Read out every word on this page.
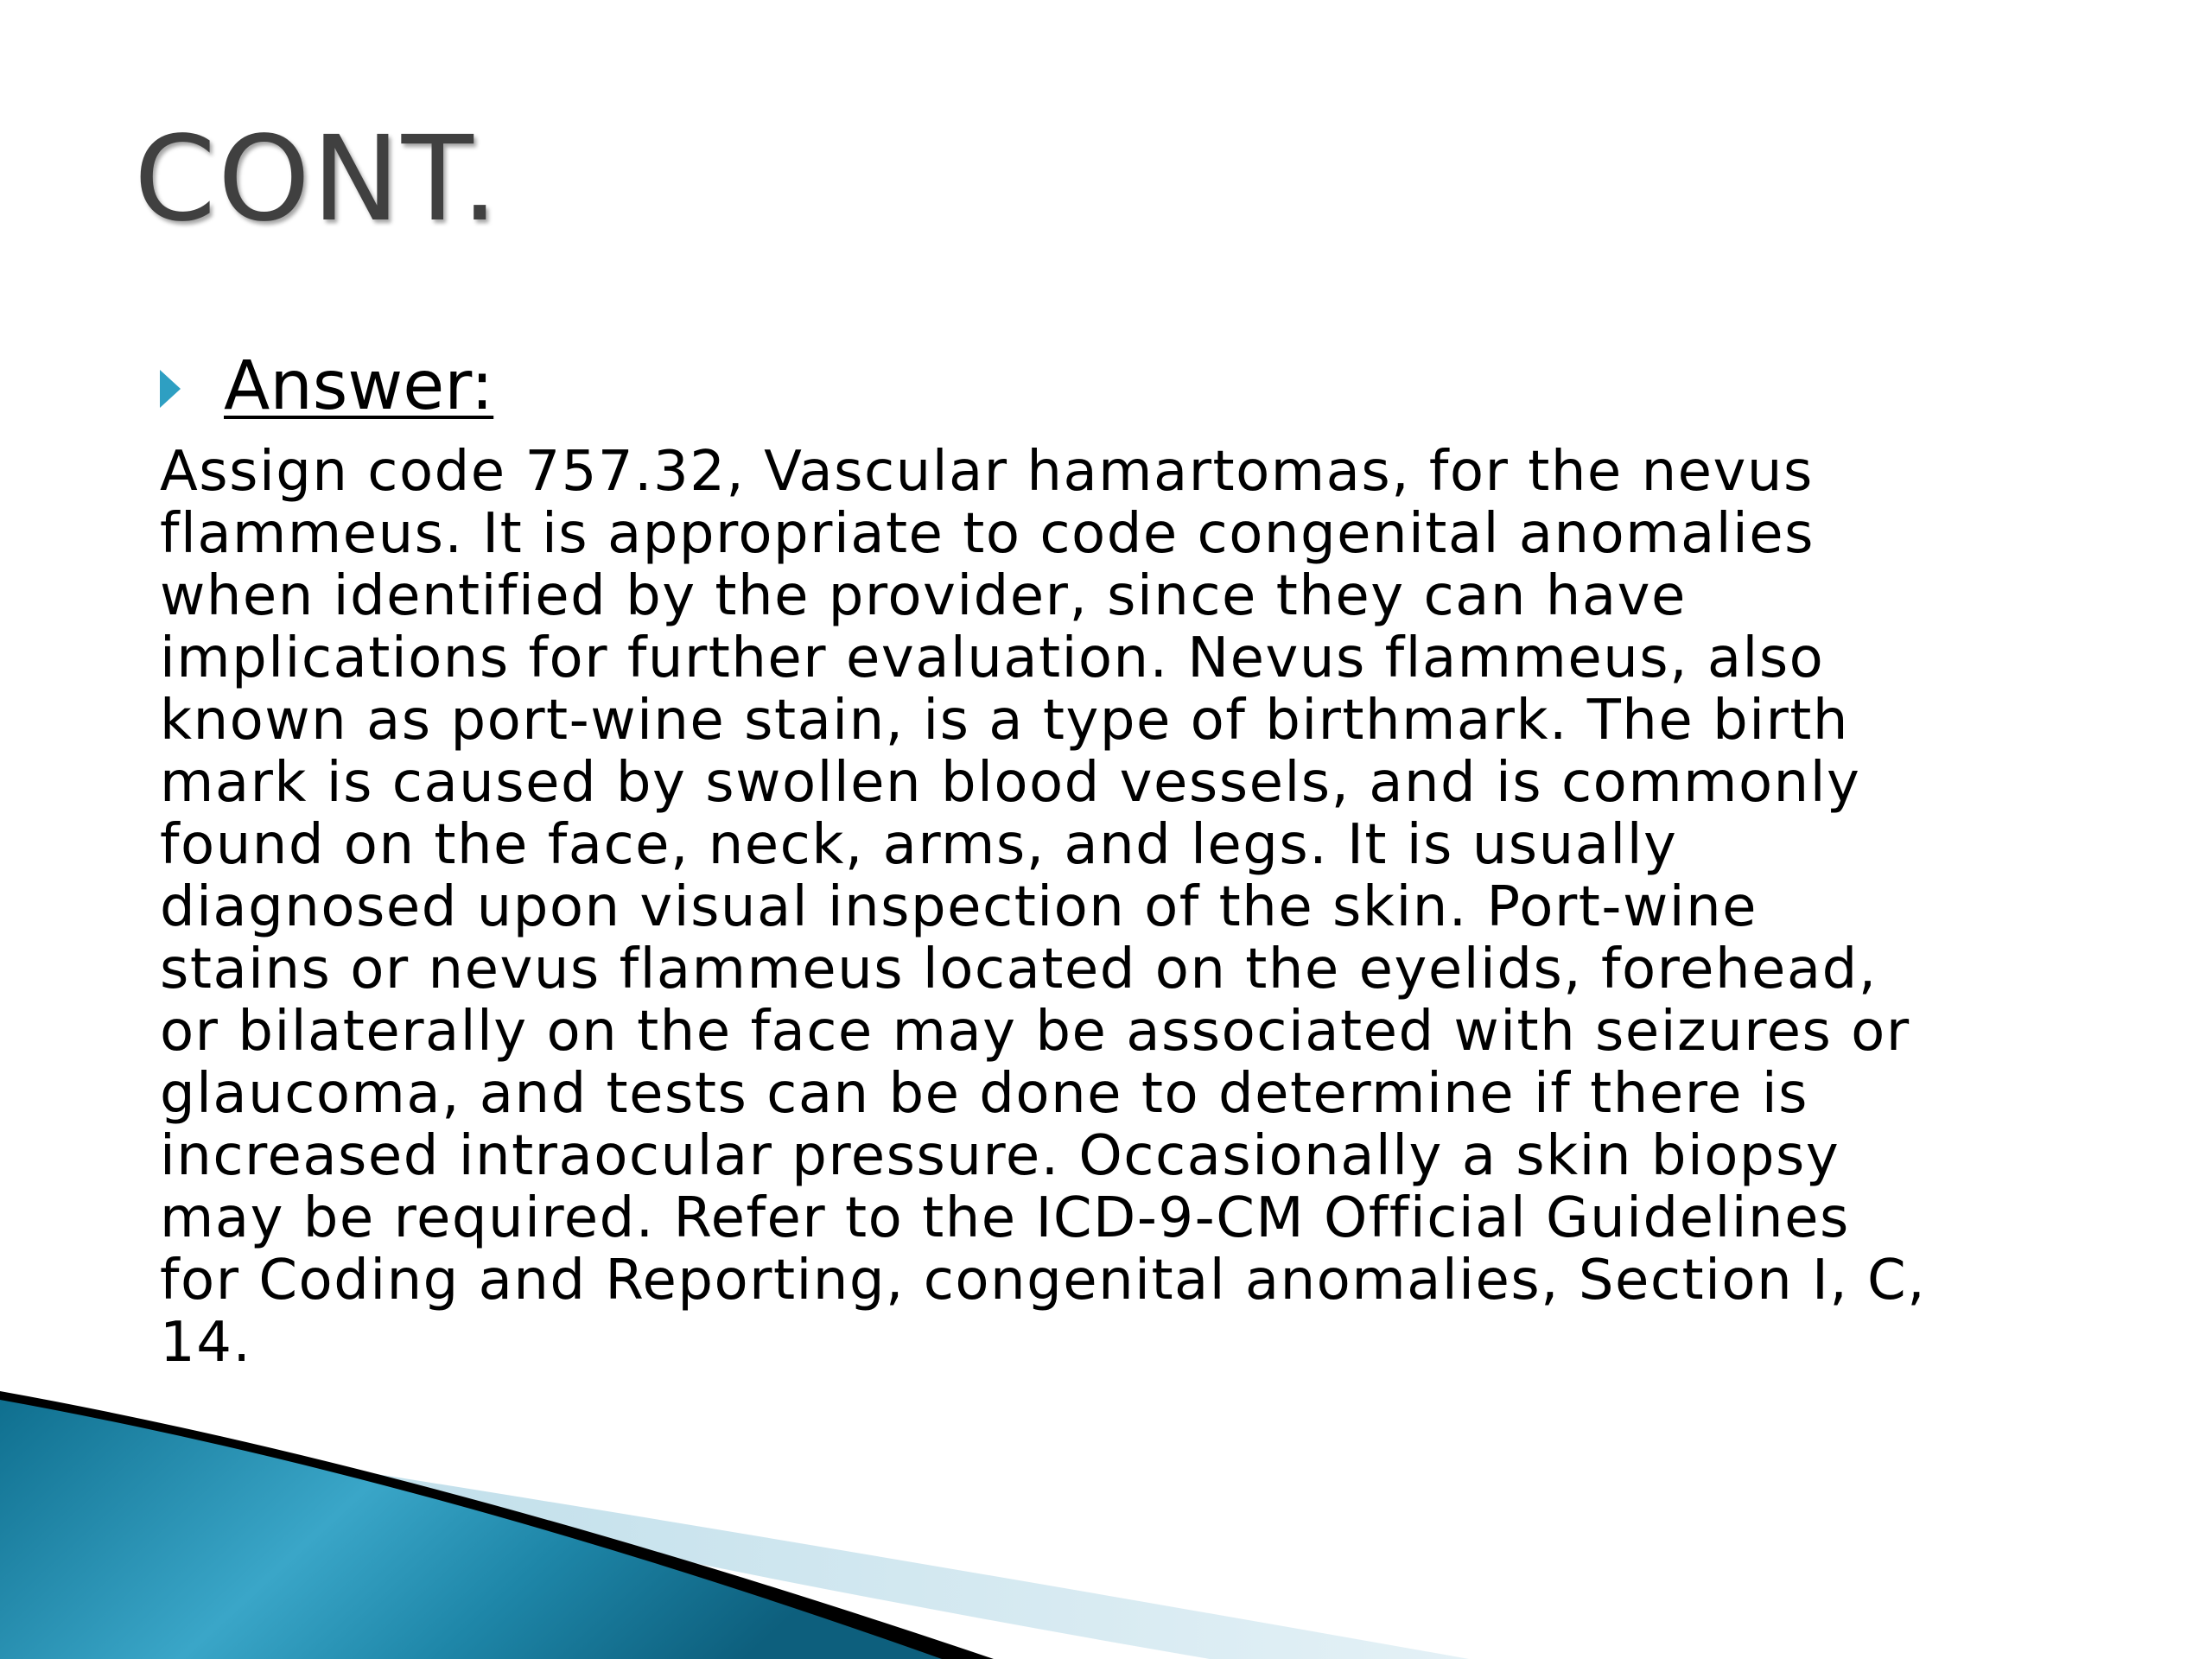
CONT.
Answer:
Assign code 757.32, Vascular hamartomas, for the nevus
flammeus. It is appropriate to code congenital anomalies
when identified by the provider, since they can have
implications for further evaluation. Nevus flammeus, also
known as port-wine stain, is a type of birthmark. The birth
mark is caused by swollen blood vessels, and is commonly
found on the face, neck, arms, and legs. It is usually
diagnosed upon visual inspection of the skin. Port-wine
stains or nevus flammeus located on the eyelids, forehead,
or bilaterally on the face may be associated with seizures or
glaucoma, and tests can be done to determine if there is
increased intraocular pressure. Occasionally a skin biopsy
may be required. Refer to the ICD-9-CM Official Guidelines
for Coding and Reporting, congenital anomalies, Section I, C,
14.
